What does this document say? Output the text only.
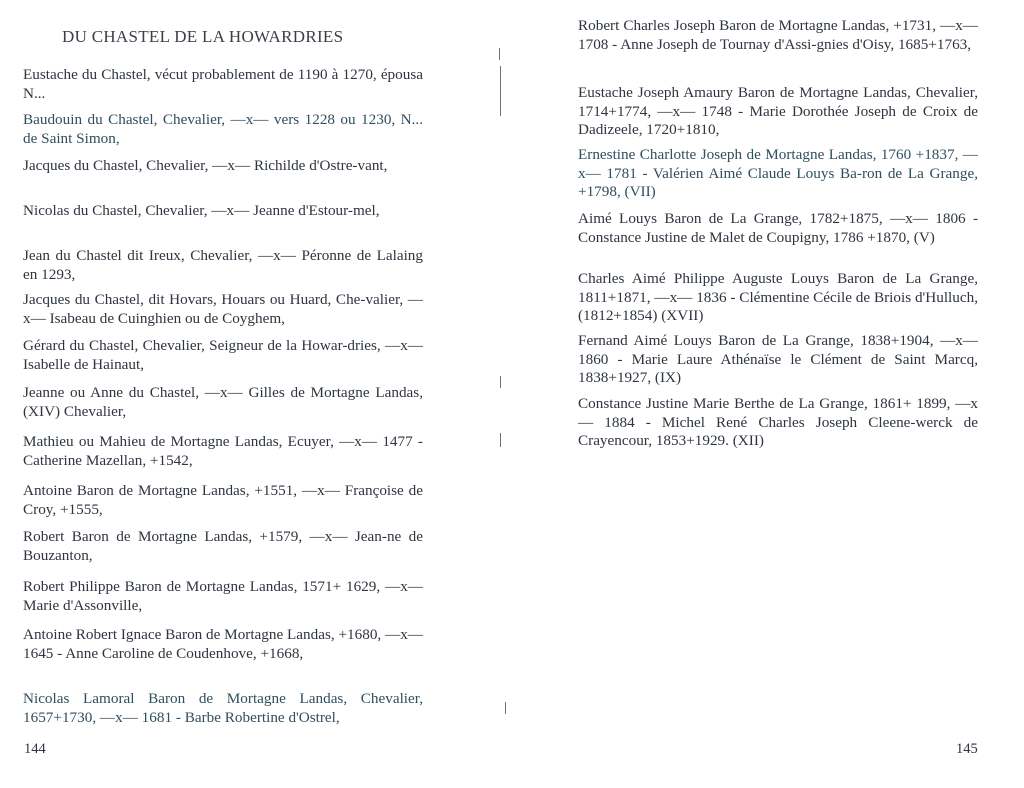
DU CHASTEL DE LA HOWARDRIES
Eustache du Chastel, vécut probablement de 1190 à 1270, épousa N...
Baudouin du Chastel, Chevalier, —x— vers 1228 ou 1230, N... de Saint Simon,
Jacques du Chastel, Chevalier, —x— Richilde d'Ostre-vant,
Nicolas du Chastel, Chevalier, —x— Jeanne d'Estour-mel,
Jean du Chastel dit Ireux, Chevalier, —x— Péronne de Lalaing en 1293,
Jacques du Chastel, dit Hovars, Houars ou Huard, Che-valier, —x— Isabeau de Cuinghien ou de Coyghem,
Gérard du Chastel, Chevalier, Seigneur de la Howar-dries, —x— Isabelle de Hainaut,
Jeanne ou Anne du Chastel, —x— Gilles de Mortagne Landas, (XIV) Chevalier,
Mathieu ou Mahieu de Mortagne Landas, Ecuyer, —x— 1477 - Catherine Mazellan, +1542,
Antoine Baron de Mortagne Landas, +1551, —x— Françoise de Croy, +1555,
Robert Baron de Mortagne Landas, +1579, —x— Jean-ne de Bouzanton,
Robert Philippe Baron de Mortagne Landas, 1571+ 1629, —x— Marie d'Assonville,
Antoine Robert Ignace Baron de Mortagne Landas, +1680, —x— 1645 - Anne Caroline de Coudenhove, +1668,
Nicolas Lamoral Baron de Mortagne Landas, Chevalier, 1657+1730, —x— 1681 - Barbe Robertine d'Ostrel,
144
Robert Charles Joseph Baron de Mortagne Landas, +1731, —x— 1708 - Anne Joseph de Tournay d'Assi-gnies d'Oisy, 1685+1763,
Eustache Joseph Amaury Baron de Mortagne Landas, Chevalier, 1714+1774, —x— 1748 - Marie Dorothée Joseph de Croix de Dadizeele, 1720+1810,
Ernestine Charlotte Joseph de Mortagne Landas, 1760 +1837, —x— 1781 - Valérien Aimé Claude Louys Ba-ron de La Grange, +1798, (VII)
Aimé Louys Baron de La Grange, 1782+1875, —x— 1806 - Constance Justine de Malet de Coupigny, 1786 +1870, (V)
Charles Aimé Philippe Auguste Louys Baron de La Grange, 1811+1871, —x— 1836 - Clémentine Cécile de Briois d'Hulluch, (1812+1854) (XVII)
Fernand Aimé Louys Baron de La Grange, 1838+1904, —x— 1860 - Marie Laure Athénaïse le Clément de Saint Marcq, 1838+1927, (IX)
Constance Justine Marie Berthe de La Grange, 1861+ 1899, —x— 1884 - Michel René Charles Joseph Cleene-werck de Crayencour, 1853+1929. (XII)
145
